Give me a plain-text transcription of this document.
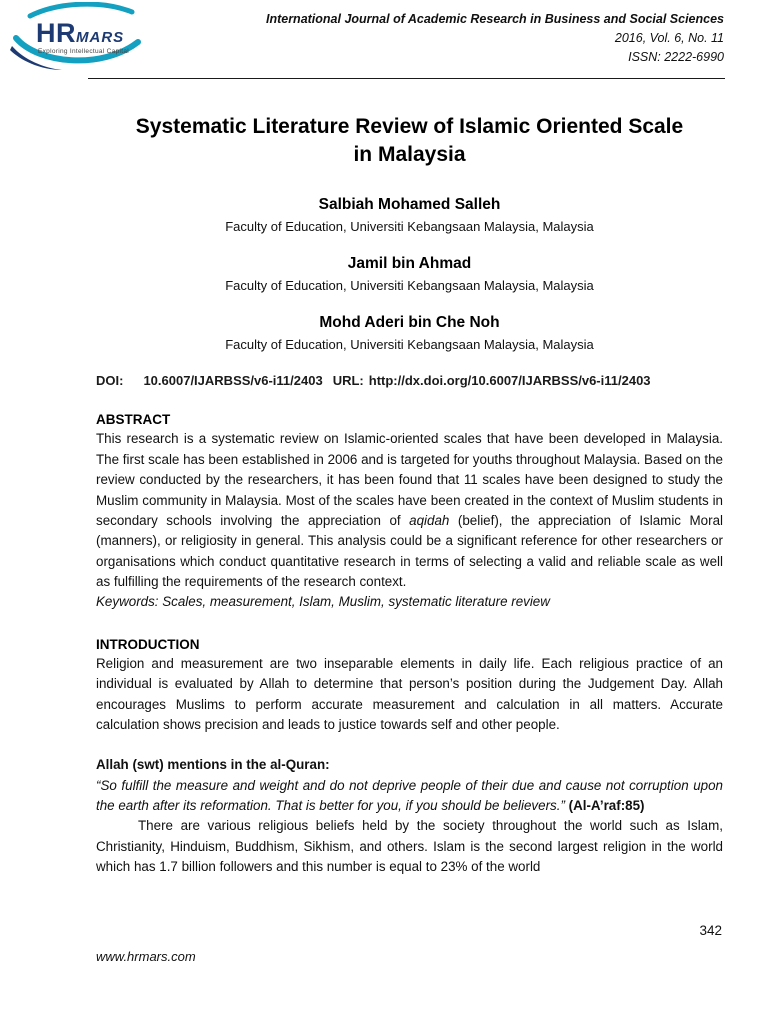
HRMARS
Exploring Intellectual Capital
International Journal of Academic Research in Business and Social Sciences
2016, Vol. 6, No. 11
ISSN: 2222-6990
Systematic Literature Review of Islamic Oriented Scale
in Malaysia
Salbiah Mohamed Salleh
Faculty of Education, Universiti Kebangsaan Malaysia, Malaysia
Jamil bin Ahmad
Faculty of Education, Universiti Kebangsaan Malaysia, Malaysia
Mohd Aderi bin Che Noh
Faculty of Education, Universiti Kebangsaan Malaysia, Malaysia
DOI: 10.6007/IJARBSS/v6-i11/2403 URL: http://dx.doi.org/10.6007/IJARBSS/v6-i11/2403
ABSTRACT

This research is a systematic review on Islamic-oriented scales that have been developed in Malaysia. The first scale has been established in 2006 and is targeted for youths throughout Malaysia. Based on the review conducted by the researchers, it has been found that 11 scales have been designed to study the Muslim community in Malaysia. Most of the scales have been created in the context of Muslim students in secondary schools involving the appreciation of aqidah (belief), the appreciation of Islamic Moral (manners), or religiosity in general. This analysis could be a significant reference for other researchers or organisations which conduct quantitative research in terms of selecting a valid and reliable scale as well as fulfilling the requirements of the research context.

Keywords: Scales, measurement, Islam, Muslim, systematic literature review

INTRODUCTION

Religion and measurement are two inseparable elements in daily life. Each religious practice of an individual is evaluated by Allah to determine that person’s position during the Judgement Day. Allah encourages Muslims to perform accurate measurement and calculation in all matters. Accurate calculation shows precision and leads to justice towards self and other people.

Allah (swt) mentions in the al-Quran:

“So fulfill the measure and weight and do not deprive people of their due and cause not corruption upon the earth after its reformation. That is better for you, if you should be believers.” (Al-A’raf:85)

There are various religious beliefs held by the society throughout the world such as Islam, Christianity, Hinduism, Buddhism, Sikhism, and others. Islam is the second largest religion in the world which has 1.7 billion followers and this number is equal to 23% of the world

342
www.hrmars.com
